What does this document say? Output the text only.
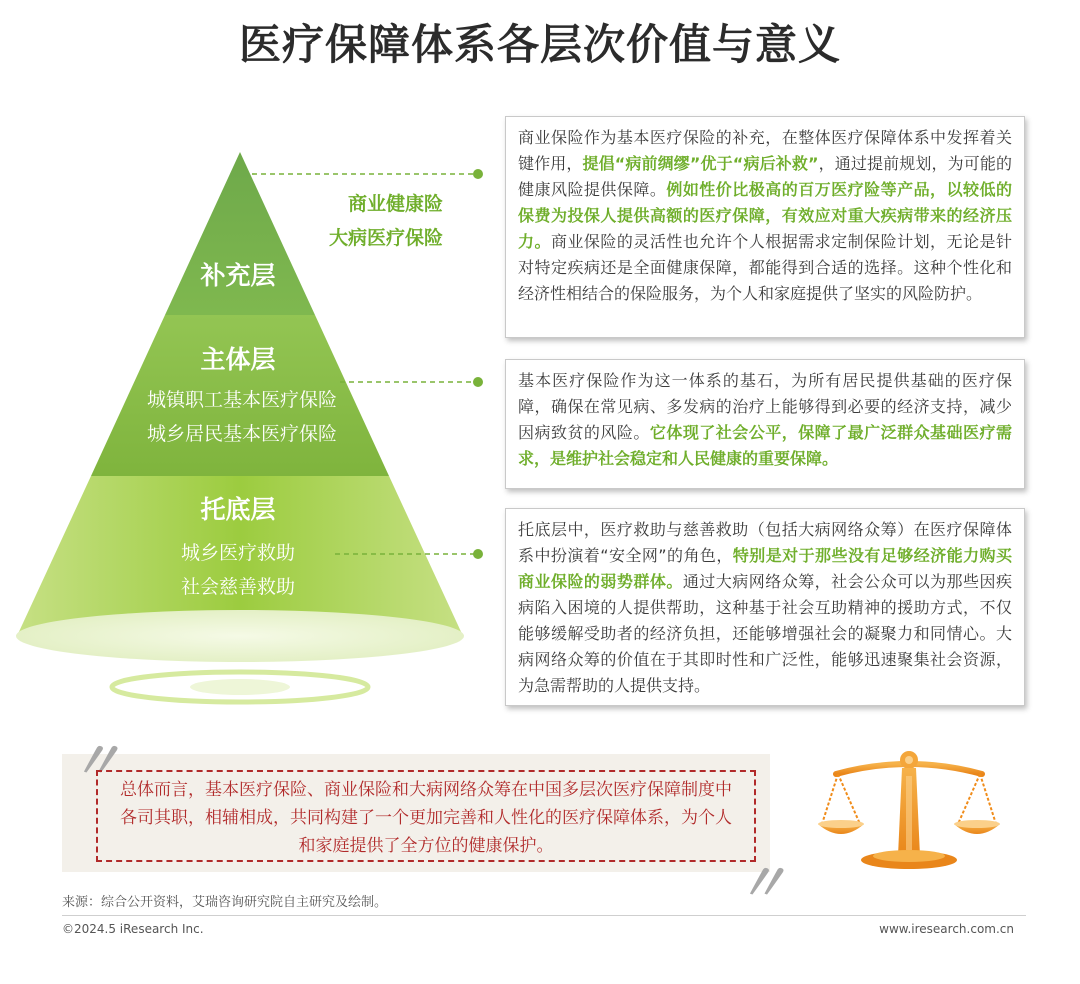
医疗保障体系各层次价值与意义
商业健康险
大病医疗保险
补充层
主体层
城镇职工基本医疗保险
城乡居民基本医疗保险
托底层
城乡医疗救助
社会慈善救助
商业保险作为基本医疗保险的补充，在整体医疗保障体系中发挥着关键作用，提倡“病前绸缪”优于“病后补救”，通过提前规划，为可能的健康风险提供保障。例如性价比极高的百万医疗险等产品，以较低的保费为投保人提供高额的医疗保障，有效应对重大疾病带来的经济压力。商业保险的灵活性也允许个人根据需求定制保险计划，无论是针对特定疾病还是全面健康保障，都能得到合适的选择。这种个性化和经济性相结合的保险服务，为个人和家庭提供了坚实的风险防护。
基本医疗保险作为这一体系的基石，为所有居民提供基础的医疗保障，确保在常见病、多发病的治疗上能够得到必要的经济支持，减少因病致贫的风险。它体现了社会公平，保障了最广泛群众基础医疗需求，是维护社会稳定和人民健康的重要保障。
托底层中，医疗救助与慈善救助（包括大病网络众筹）在医疗保障体系中扮演着“安全网”的角色，特别是对于那些没有足够经济能力购买商业保险的弱势群体。通过大病网络众筹，社会公众可以为那些因疾病陷入困境的人提供帮助，这种基于社会互助精神的援助方式，不仅能够缓解受助者的经济负担，还能够增强社会的凝聚力和同情心。大病网络众筹的价值在于其即时性和广泛性，能够迅速聚集社会资源，为急需帮助的人提供支持。
〃
总体而言，基本医疗保险、商业保险和大病网络众筹在中国多层次医疗保障制度中各司其职，相辅相成，共同构建了一个更加完善和人性化的医疗保障体系，为个人和家庭提供了全方位的健康保护。
〃
来源：综合公开资料，艾瑞咨询研究院自主研究及绘制。
©2024.5 iResearch Inc.	www.iresearch.com.cn
